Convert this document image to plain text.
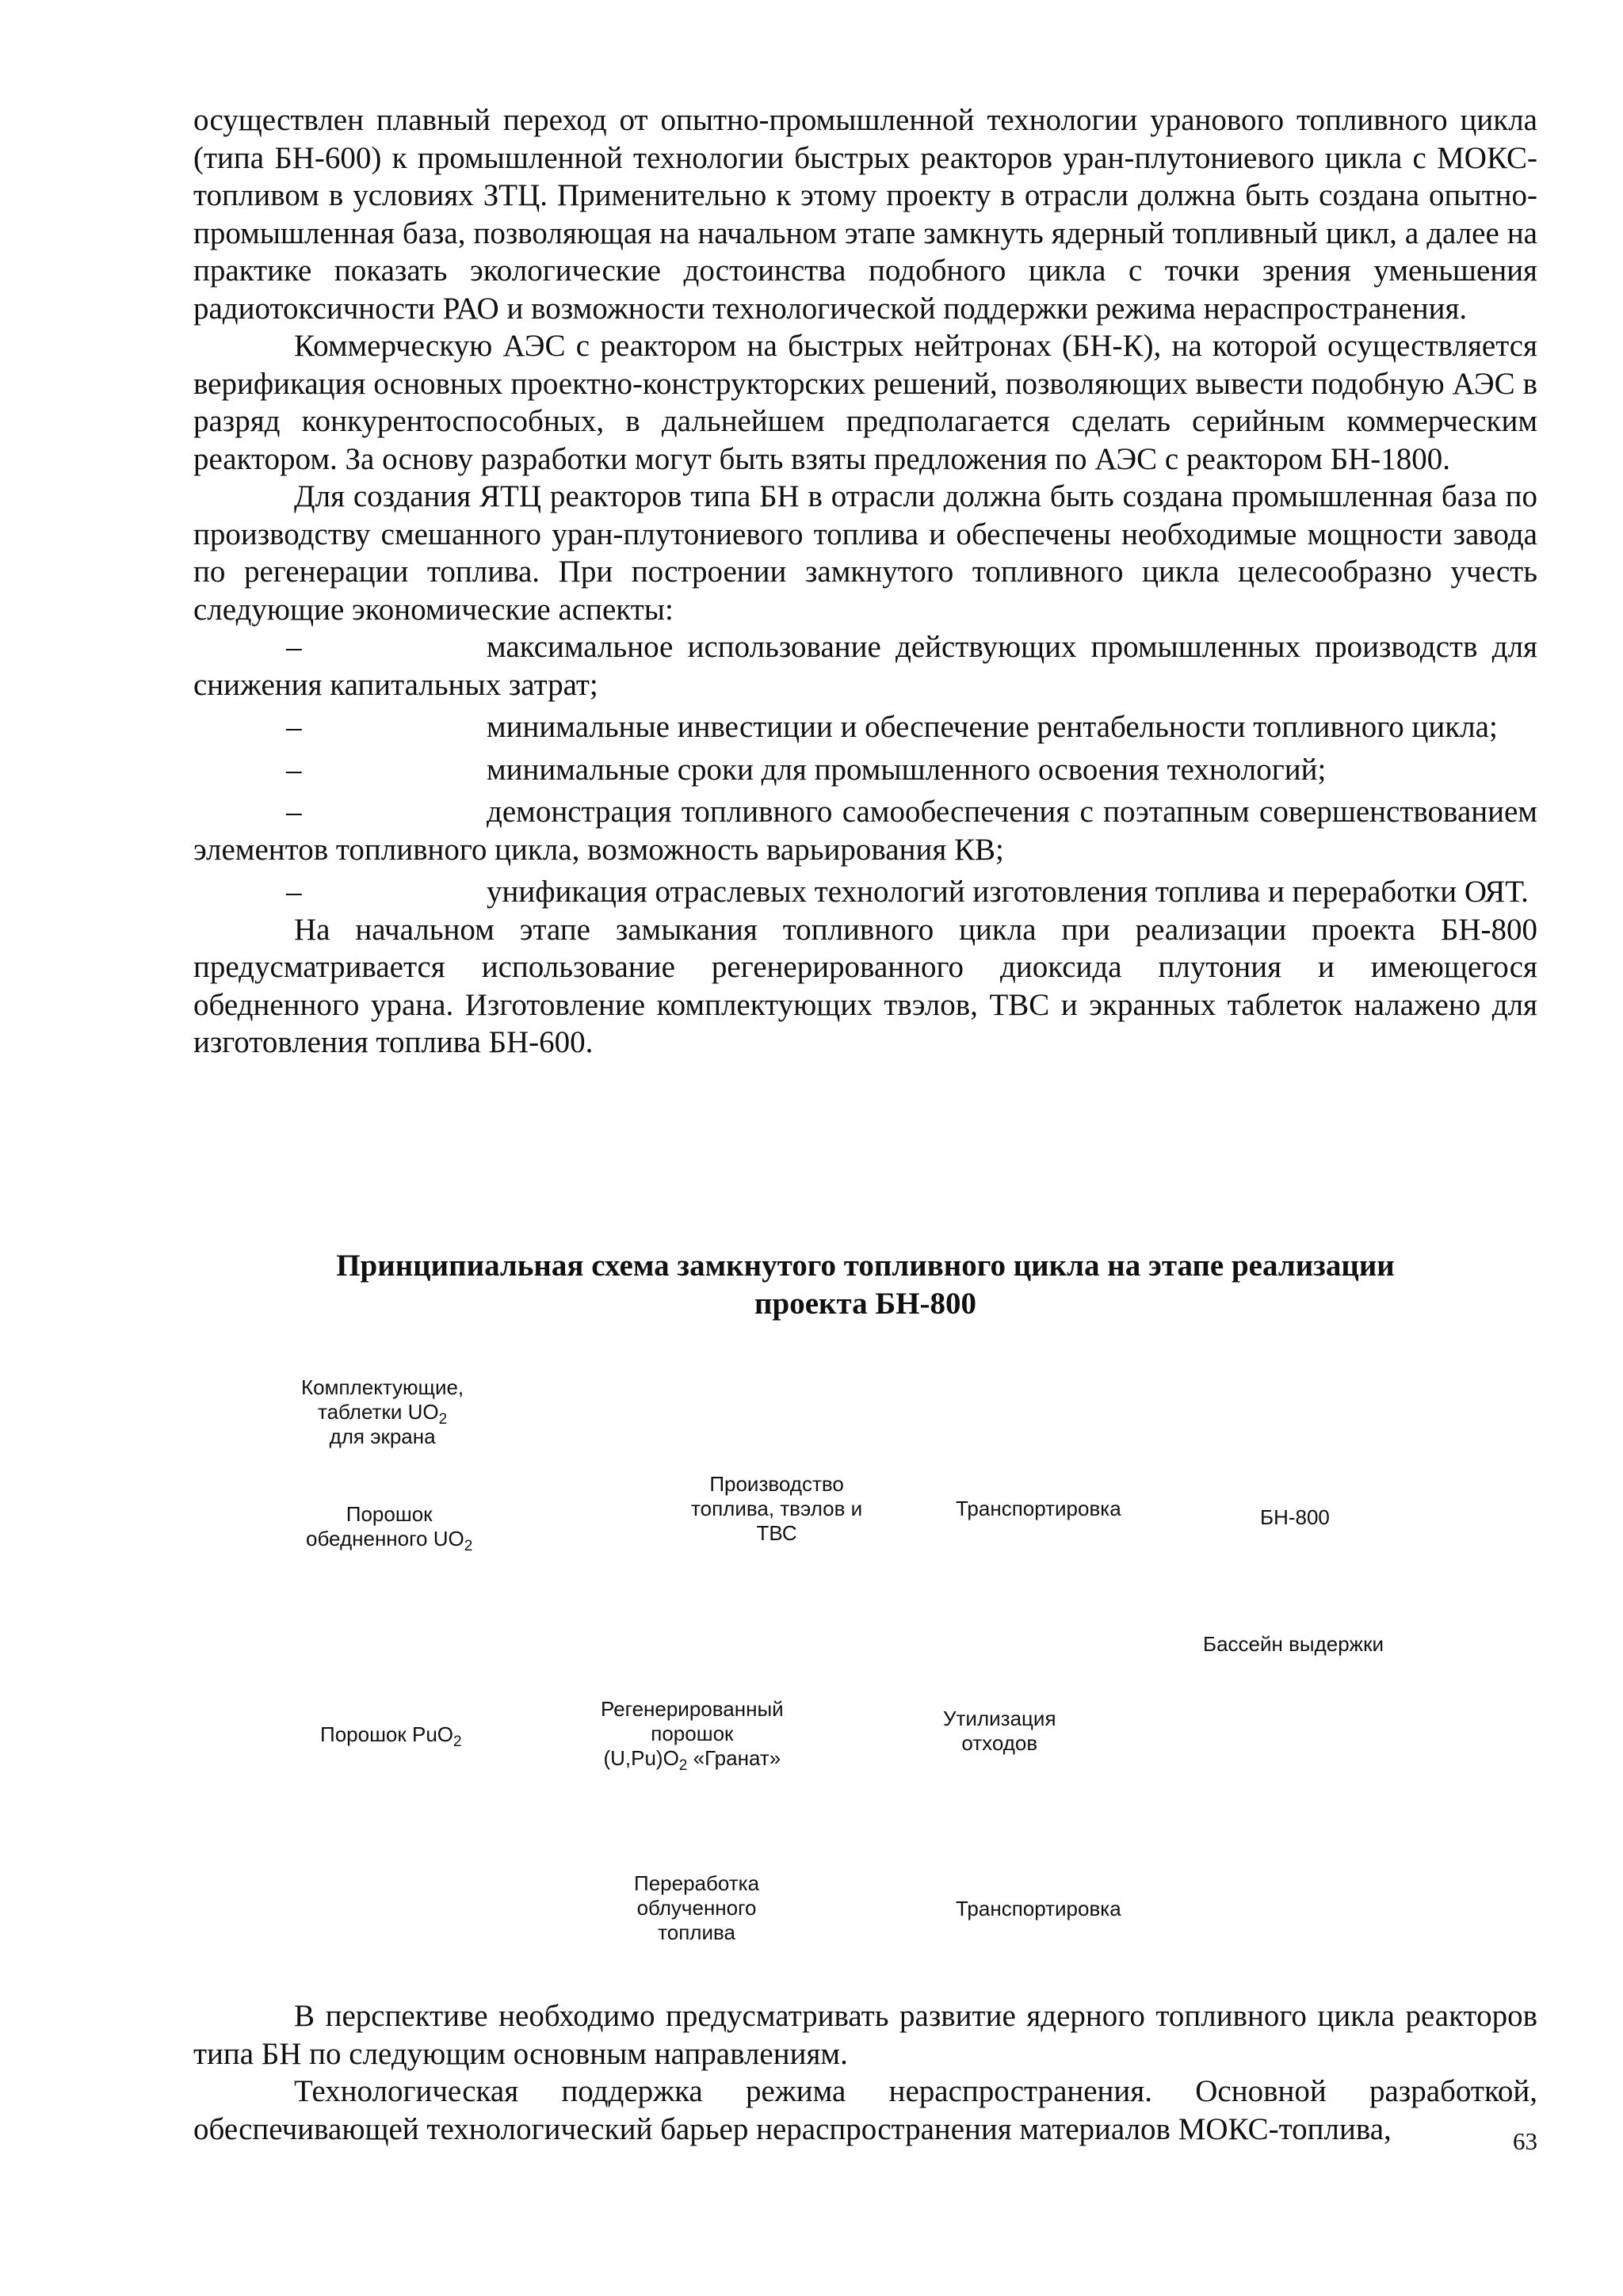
осуществлен плавный переход от опытно-промышленной технологии уранового топливного цикла (типа БН-600) к промышленной технологии быстрых реакторов уран-плутониевого цикла с МОКС-топливом в условиях ЗТЦ. Применительно к этому проекту в отрасли должна быть создана опытно-промышленная база, позволяющая на начальном этапе замкнуть ядерный топливный цикл, а далее на практике показать экологические достоинства подобного цикла с точки зрения уменьшения радиотоксичности РАО и возможности технологической поддержки режима нераспространения.

Коммерческую АЭС с реактором на быстрых нейтронах (БН-К), на которой осуществляется верификация основных проектно-конструкторских решений, позволяющих вывести подобную АЭС в разряд конкурентоспособных, в дальнейшем предполагается сделать серийным коммерческим реактором. За основу разработки могут быть взяты предложения по АЭС с реактором БН-1800.

Для создания ЯТЦ реакторов типа БН в отрасли должна быть создана промышленная база по производству смешанного уран-плутониевого топлива и обеспечены необходимые мощности завода по регенерации топлива. При построении замкнутого топливного цикла целесообразно учесть следующие экономические аспекты:

–	максимальное использование действующих промышленных производств для снижения капитальных затрат;

–	минимальные инвестиции и обеспечение рентабельности топливного цикла;

–	минимальные сроки для промышленного освоения технологий;

–	демонстрация топливного самообеспечения с поэтапным совершенствованием элементов топливного цикла, возможность варьирования КВ;

–	унификация отраслевых технологий изготовления топлива и переработки ОЯТ.

На начальном этапе замыкания топливного цикла при реализации проекта БН-800 предусматривается использование регенерированного диоксида плутония и имеющегося обедненного урана. Изготовление комплектующих твэлов, ТВС и экранных таблеток налажено для изготовления топлива БН-600.

Принципиальная схема замкнутого топливного цикла на этапе реализации
проекта БН-800
Комплектующие,
таблетки $UO_2$
для экрана
Порошок
обедненного $UO_2$
Производство
топлива, твэлов и
ТВС
Транспортировка	БН-800
Бассейн выдержки
Порошок PuO$_2$
Регенерированный
порошок
$(U,Pu)O_2$ «Гранат»
Утилизация
отходов
Переработка
облученного
топлива
Транспортировка

В перспективе необходимо предусматривать развитие ядерного топливного цикла реакторов типа БН по следующим основным направлениям.

Технологическая поддержка режима нераспространения. Основной разработкой, обеспечивающей технологический барьер нераспространения материалов МОКС-топлива,	63
